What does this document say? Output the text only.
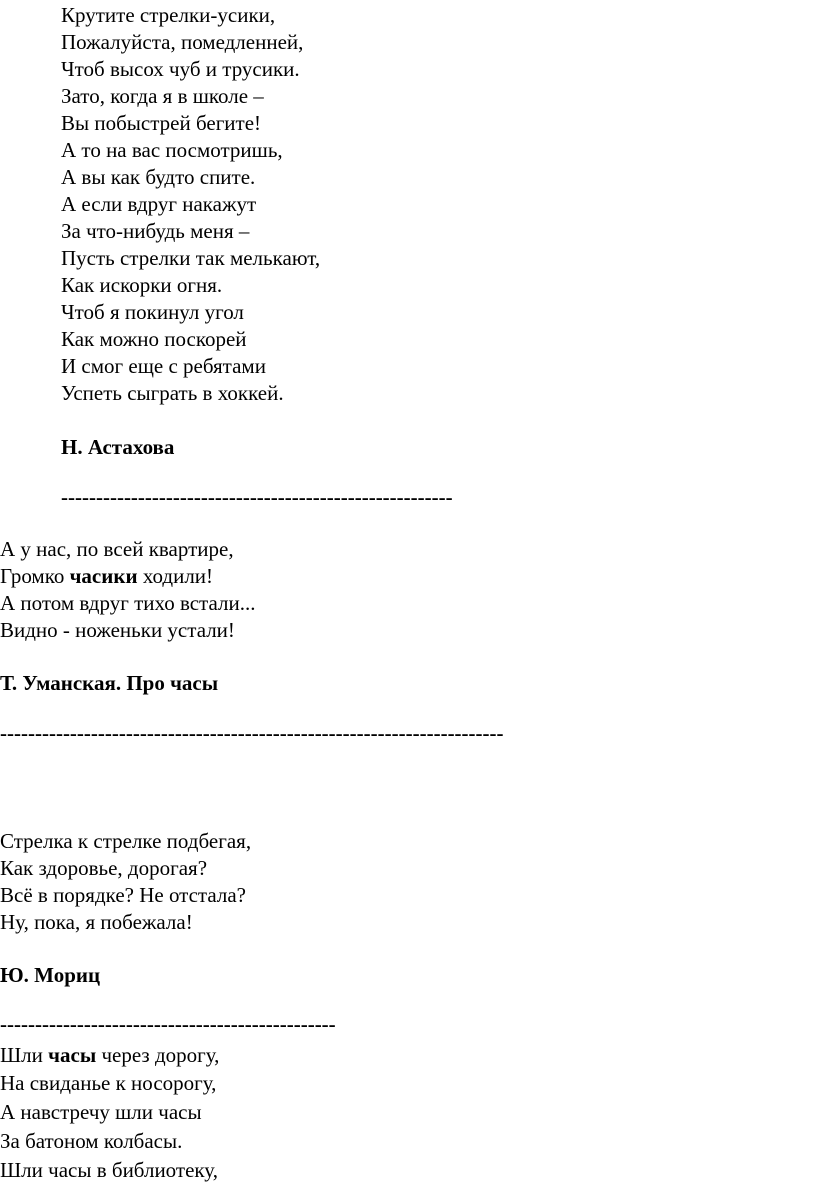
Крутите стрелки-усики,

Пожалуйста, помедленней,

Чтоб высох чуб и трусики.

Зато, когда я в школе –

Вы побыстрей бегите!

А то на вас посмотришь,

А вы как будто спите.

А если вдруг накажут

За что-нибудь меня –

Пусть стрелки так мелькают,

Как искорки огня.

Чтоб я покинул угол

Как можно поскорей

И смог еще с ребятами

Успеть сыграть в хоккей.

Н. Астахова

--------------------------------------------------------

А у нас, по всей квартире,

Громко часики ходили!

А потом вдруг тихо встали...

Видно - ноженьки устали!

Т. Уманская. Про часы

------------------------------------------------------------------------

Стрелка к стрелке подбегая,

Как здоровье, дорогая?

Всё в порядке? Не отстала?

Ну, пока, я побежала!

Ю. Мориц

------------------------------------------------

Шли часы через дорогу,

На свиданье к носорогу,

А навстречу шли часы

За батоном колбасы.

Шли часы в библиотеку,
